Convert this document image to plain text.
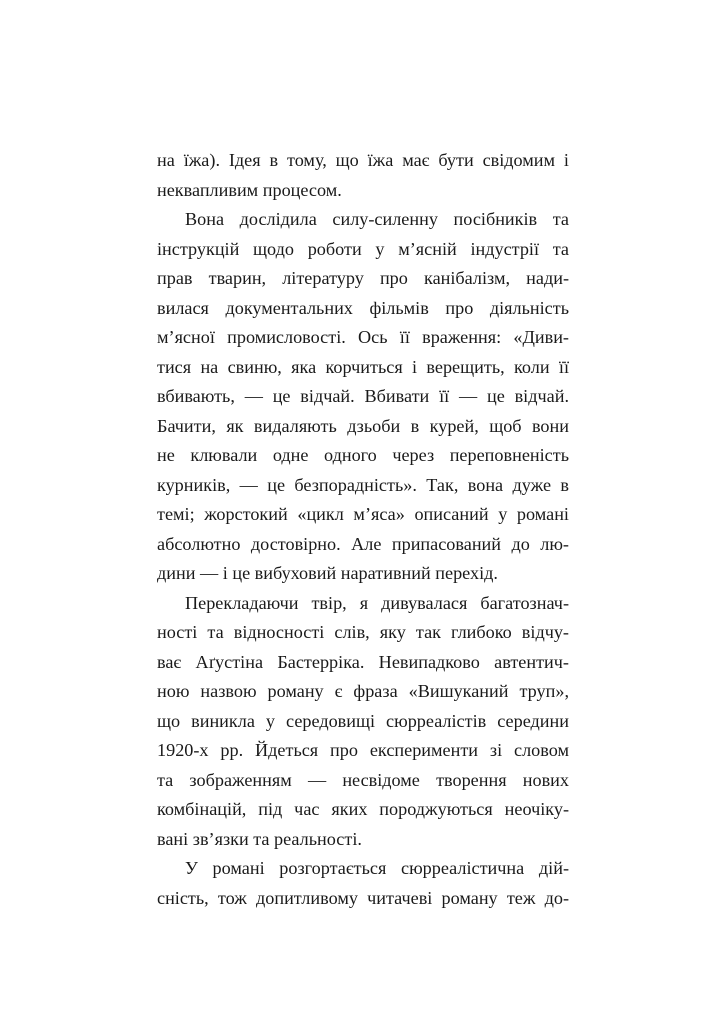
на їжа). Ідея в тому, що їжа має бути свідомим і
неквапливим процесом.
Вона дослідила силу-силенну посібників та
інструкцій щодо роботи у м’ясній індустрії та
прав тварин, літературу про канібалізм, нади-
вилася документальних фільмів про діяльність
м’ясної промисловості. Ось її враження: «Диви-
тися на свиню, яка корчиться і верещить, коли її
вбивають, — це відчай. Вбивати її — це відчай.
Бачити, як видаляють дзьоби в курей, щоб вони
не клювали одне одного через переповненість
курників, — це безпорадність». Так, вона дуже в
темі; жорстокий «цикл м’яса» описаний у романі
абсолютно достовірно. Але припасований до лю-
дини — і це вибуховий наративний перехід.
Перекладаючи твір, я дивувалася багатознач-
ності та відносності слів, яку так глибоко відчу-
ває Аґустіна Бастерріка. Невипадково автентич-
ною назвою роману є фраза «Вишуканий труп»,
що виникла у середовищі сюрреалістів середини
1920-х рр. Йдеться про експерименти зі словом
та зображенням — несвідоме творення нових
комбінацій, під час яких породжуються неочіку-
вані зв’язки та реальності.
У романі розгортається сюрреалістична дій-
сність, тож допитливому читачеві роману теж до-
